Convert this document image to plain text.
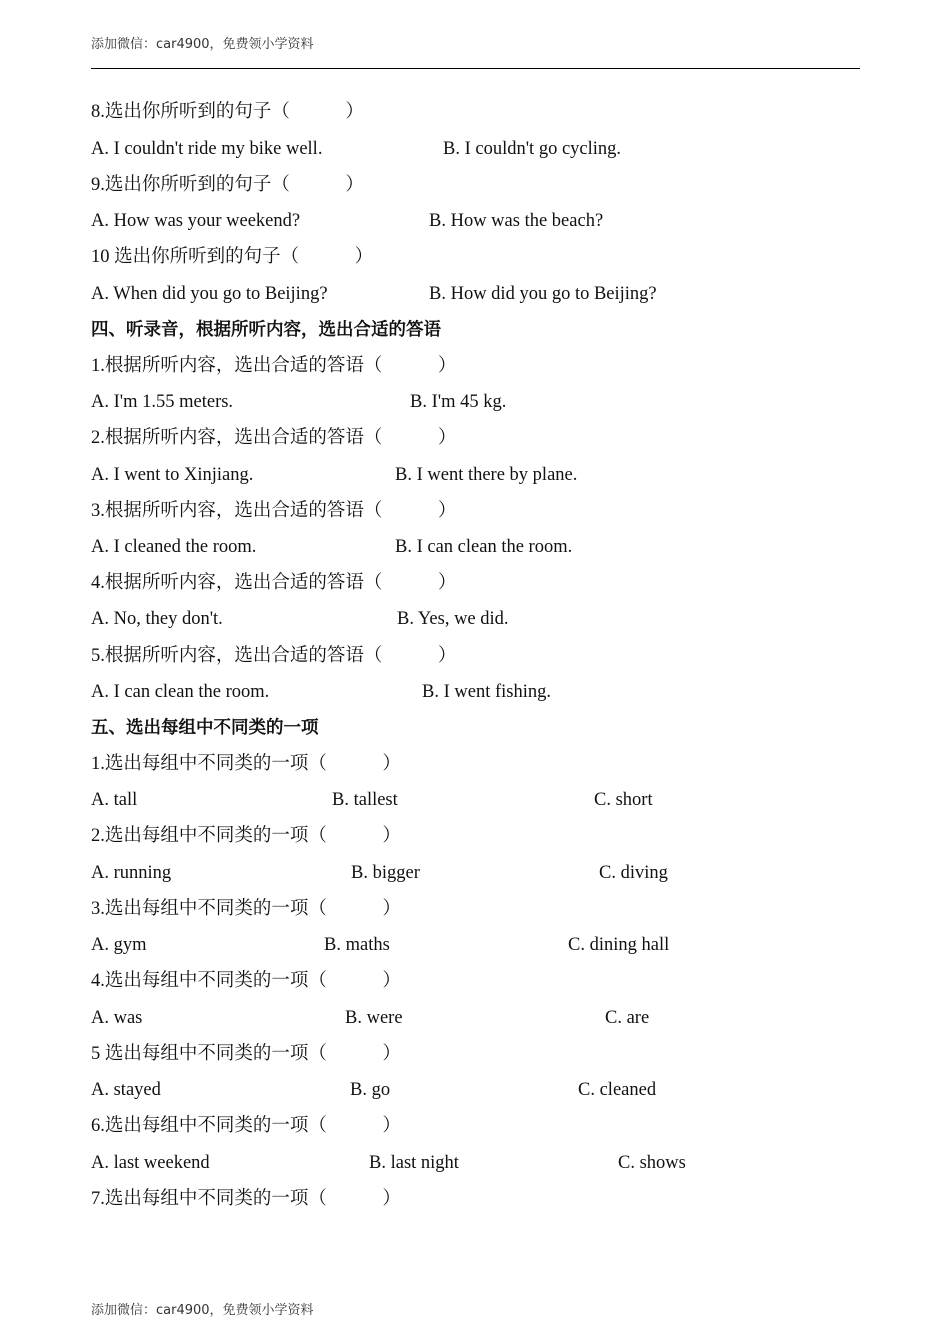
添加微信：car4900，免费领小学资料
8.选出你所听到的句子（　　　）
A. I couldn't ride my bike well.	B. I couldn't go cycling.
9.选出你所听到的句子（　　　）
A. How was your weekend?	B. How was the beach?
10 选出你所听到的句子（　　　）
A. When did you go to Beijing?	B. How did you go to Beijing?
四、听录音，根据所听内容，选出合适的答语
1.根据所听内容，选出合适的答语（　　　）
A. I'm 1.55 meters.	B. I'm 45 kg.
2.根据所听内容，选出合适的答语（　　　）
A. I went to Xinjiang.	B. I went there by plane.
3.根据所听内容，选出合适的答语（　　　）
A. I cleaned the room.	B. I can clean the room.
4.根据所听内容，选出合适的答语（　　　）
A. No, they don't.	B. Yes, we did.
5.根据所听内容，选出合适的答语（　　　）
A. I can clean the room.	B. I went fishing.
五、选出每组中不同类的一项
1.选出每组中不同类的一项（　　　）
A. tall	B. tallest	C. short
2.选出每组中不同类的一项（　　　）
A. running	B. bigger	C. diving
3.选出每组中不同类的一项（　　　）
A. gym	B. maths	C. dining hall
4.选出每组中不同类的一项（　　　）
A. was	B. were	C. are
5 选出每组中不同类的一项（　　　）
A. stayed	B. go	C. cleaned
6.选出每组中不同类的一项（　　　）
A. last weekend	B. last night	C. shows
7.选出每组中不同类的一项（　　　）
添加微信：car4900，免费领小学资料
